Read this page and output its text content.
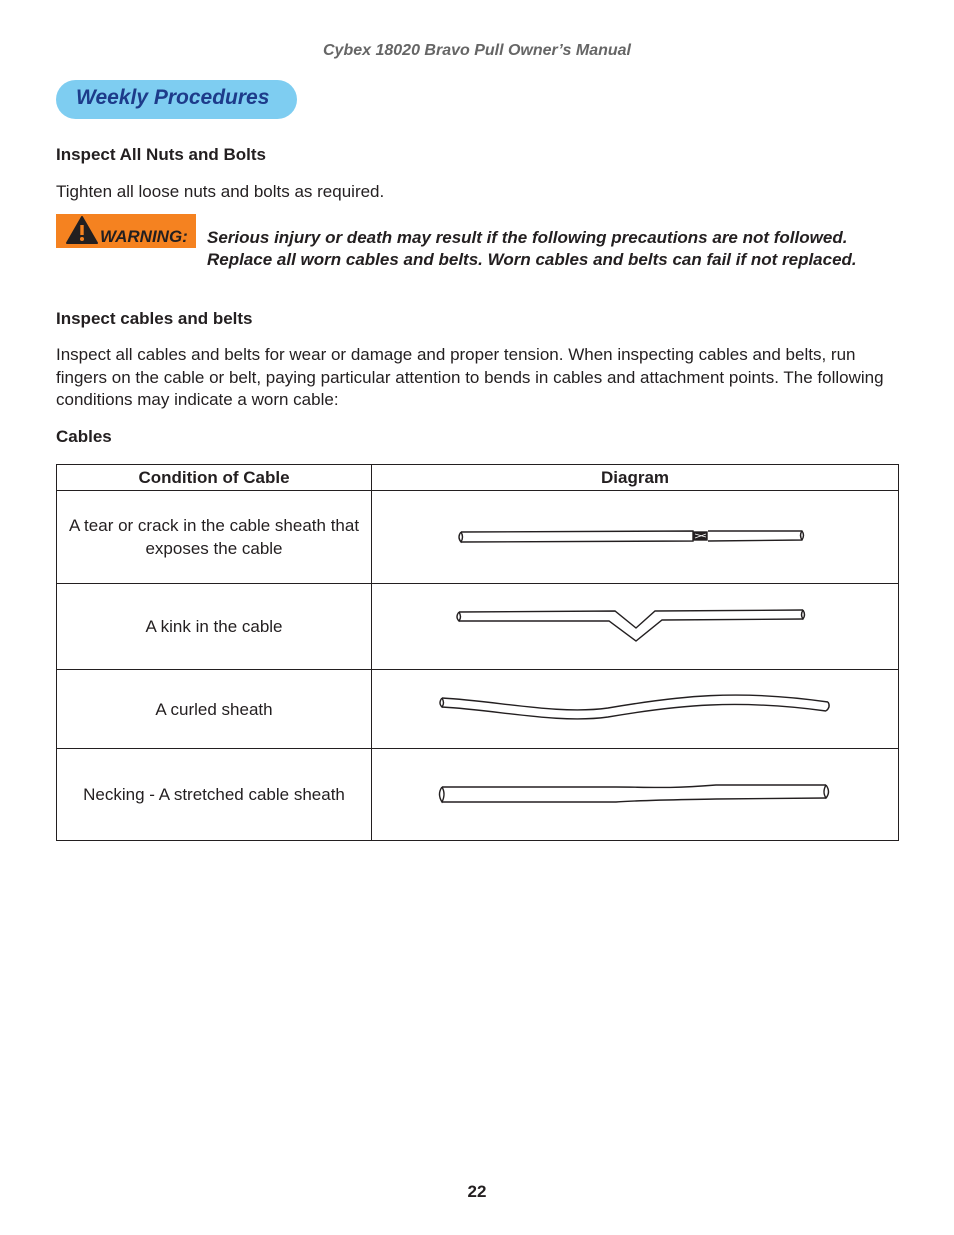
Cybex 18020 Bravo Pull Owner’s Manual
Weekly Procedures
Inspect All Nuts and Bolts
Tighten all loose nuts and bolts as required.
WARNING: Serious injury or death may result if the following precautions are not followed. Replace all worn cables and belts. Worn cables and belts can fail if not replaced.
Inspect cables and belts
Inspect all cables and belts for wear or damage and proper tension. When inspecting cables and belts, run fingers on the cable or belt, paying particular attention to bends in cables and attachment points. The following conditions may indicate a worn cable:
Cables
Condition of Cable	Diagram
A tear or crack in the cable sheath that exposes the cable	

A kink in the cable	

A curled sheath	

Necking - A stretched cable sheath	
22
